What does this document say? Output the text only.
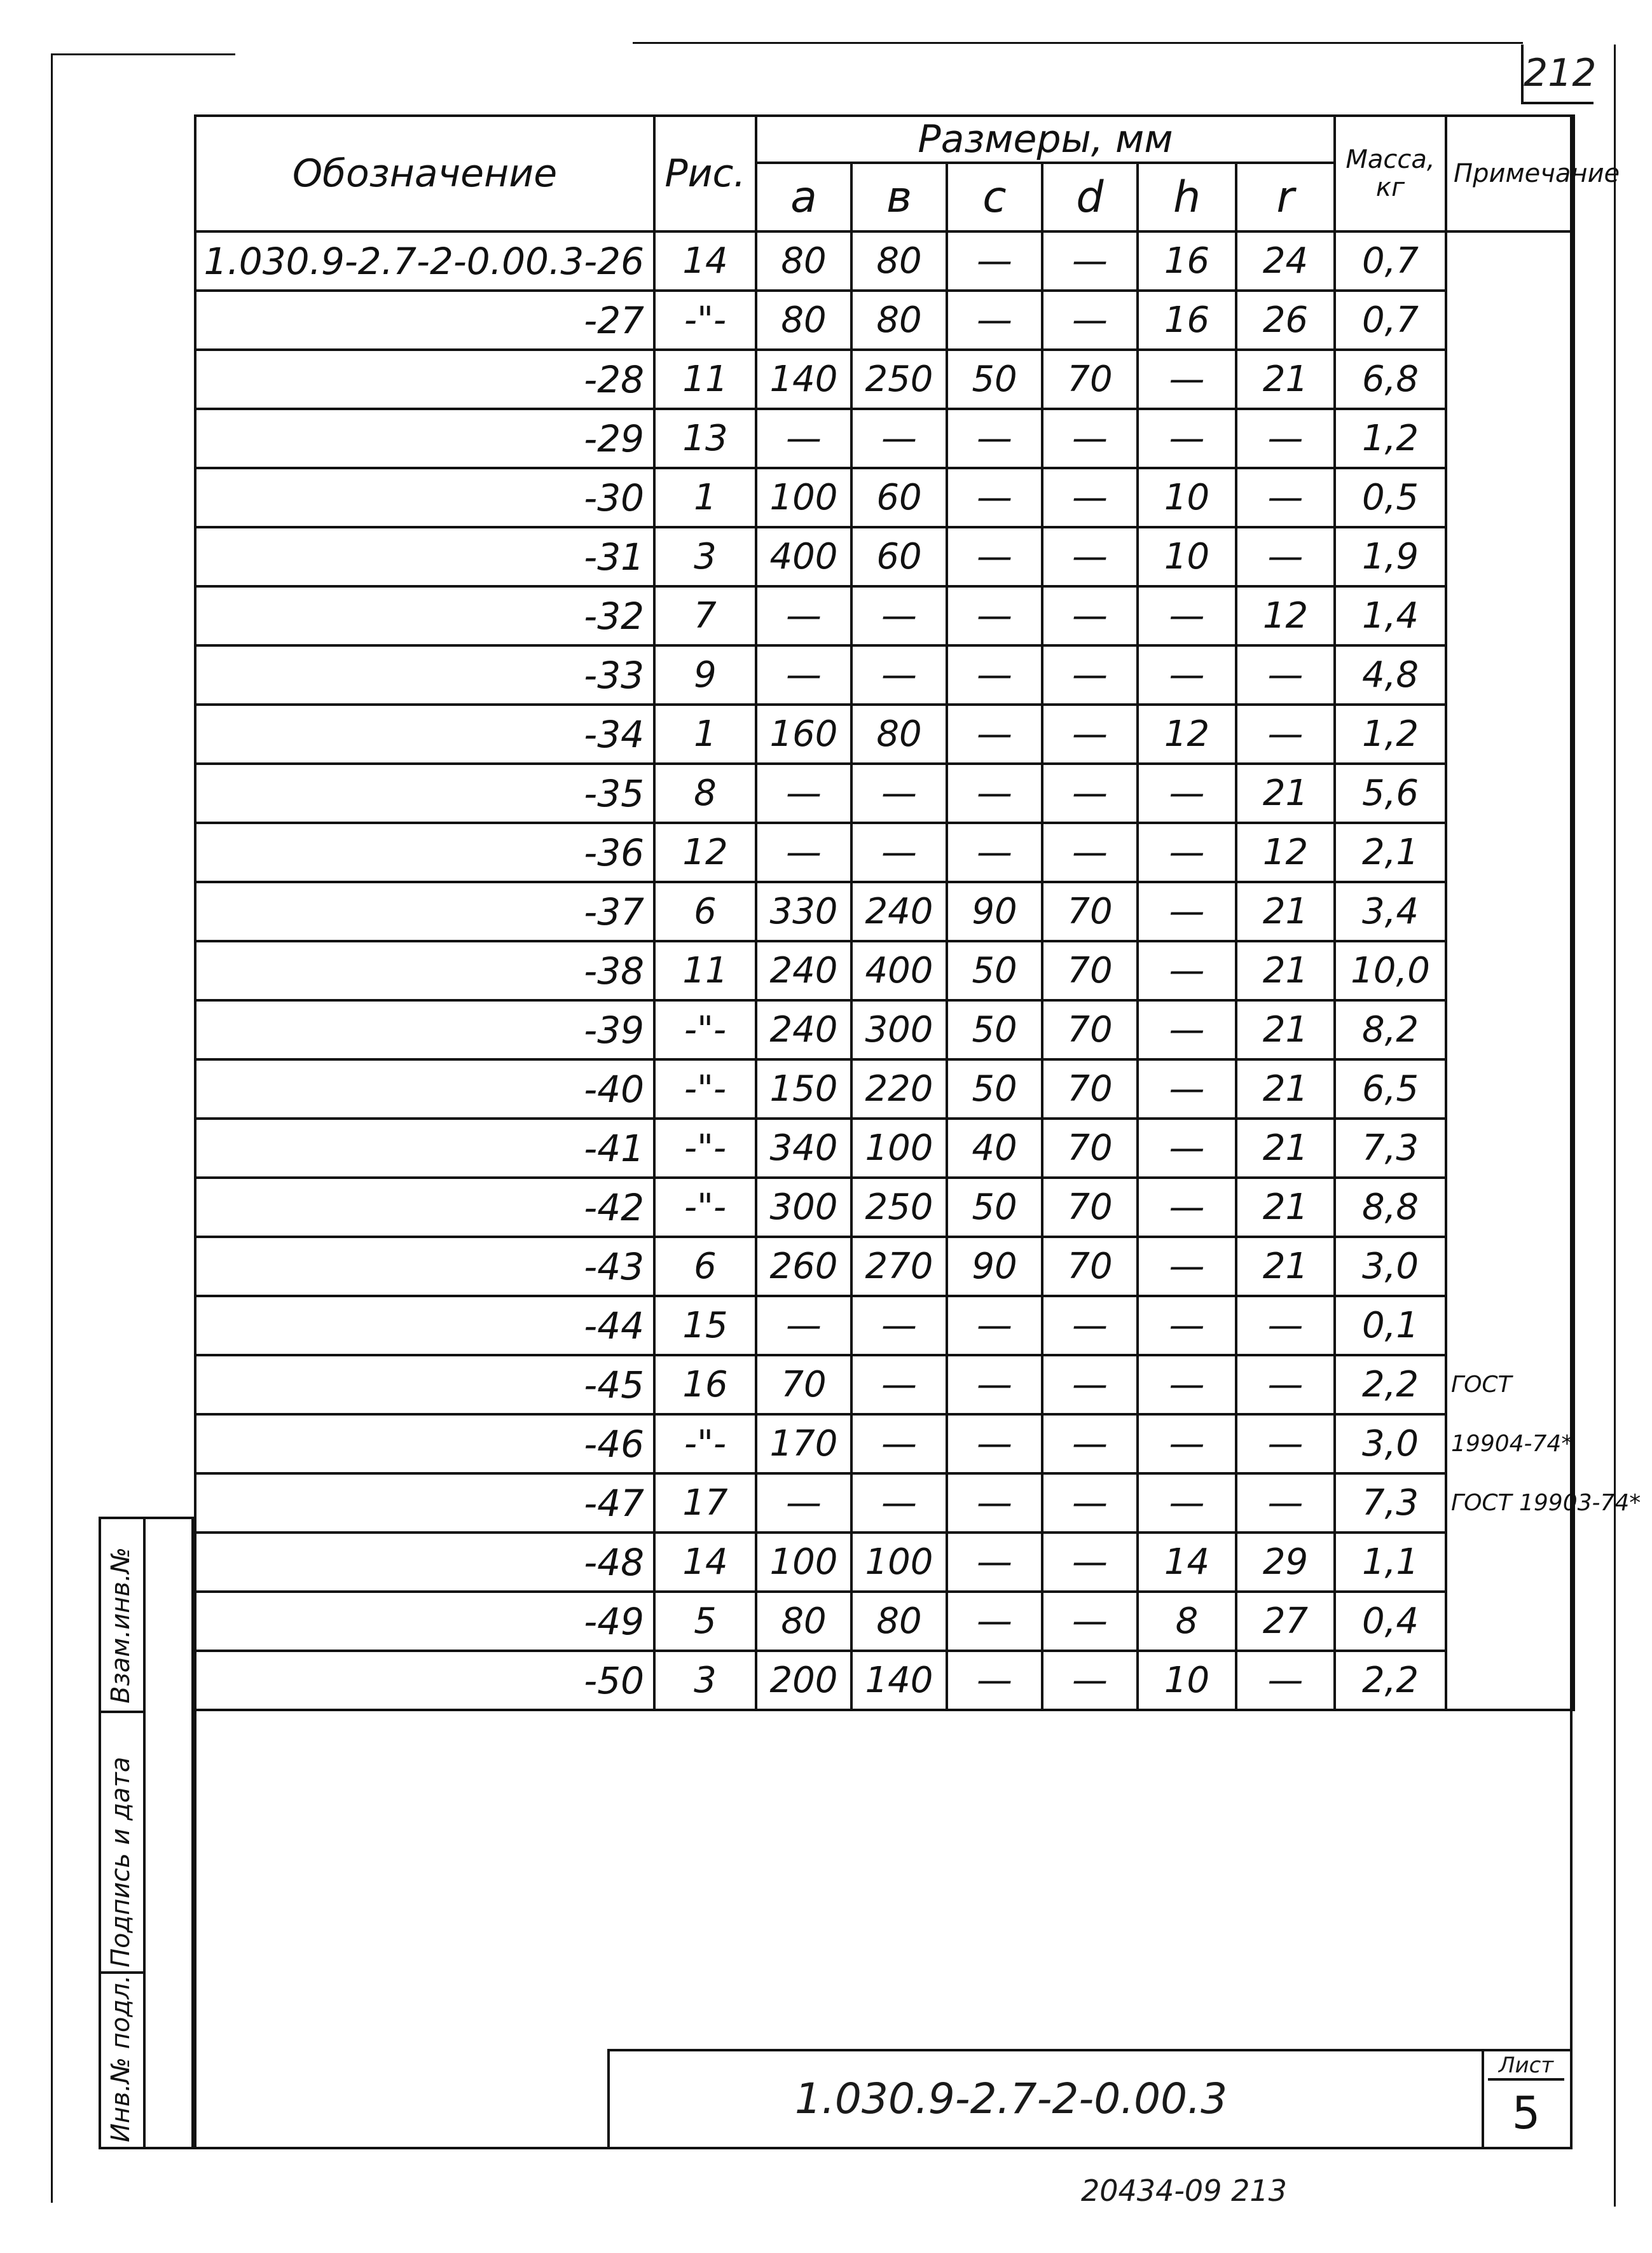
212
Обозначение	Рис.	Размеры, мм						Масса, кг	Примечание
		a	в	c	d	h	r		
1.030.9-2.7-2-0.00.3-26	14	80	80	—	—	16	24	0,7	
-27	-"-	80	80	—	—	16	26	0,7	
-28	11	140	250	50	70	—	21	6,8	
-29	13	—	—	—	—	—	—	1,2	
-30	1	100	60	—	—	10	—	0,5	
-31	3	400	60	—	—	10	—	1,9	
-32	7	—	—	—	—	—	12	1,4	
-33	9	—	—	—	—	—	—	4,8	
-34	1	160	80	—	—	12	—	1,2	
-35	8	—	—	—	—	—	21	5,6	
-36	12	—	—	—	—	—	12	2,1	
-37	6	330	240	90	70	—	21	3,4	
-38	11	240	400	50	70	—	21	10,0	
-39	-"-	240	300	50	70	—	21	8,2	
-40	-"-	150	220	50	70	—	21	6,5	
-41	-"-	340	100	40	70	—	21	7,3	
-42	-"-	300	250	50	70	—	21	8,8	
-43	6	260	270	90	70	—	21	3,0	
-44	15	—	—	—	—	—	—	0,1	
-45	16	70	—	—	—	—	—	2,2	ГОСТ
-46	-"-	170	—	—	—	—	—	3,0	19904-74*
-47	17	—	—	—	—	—	—	7,3	ГОСТ 19903-74*
-48	14	100	100	—	—	14	29	1,1	
-49	5	80	80	—	—	8	27	0,4	
-50	3	200	140	—	—	10	—	2,2	
Взам.инв.№
Подпись и дата
Инв.№ подл.	1.030.9-2.7-2-0.00.3
Лист
5
20434-09 213
